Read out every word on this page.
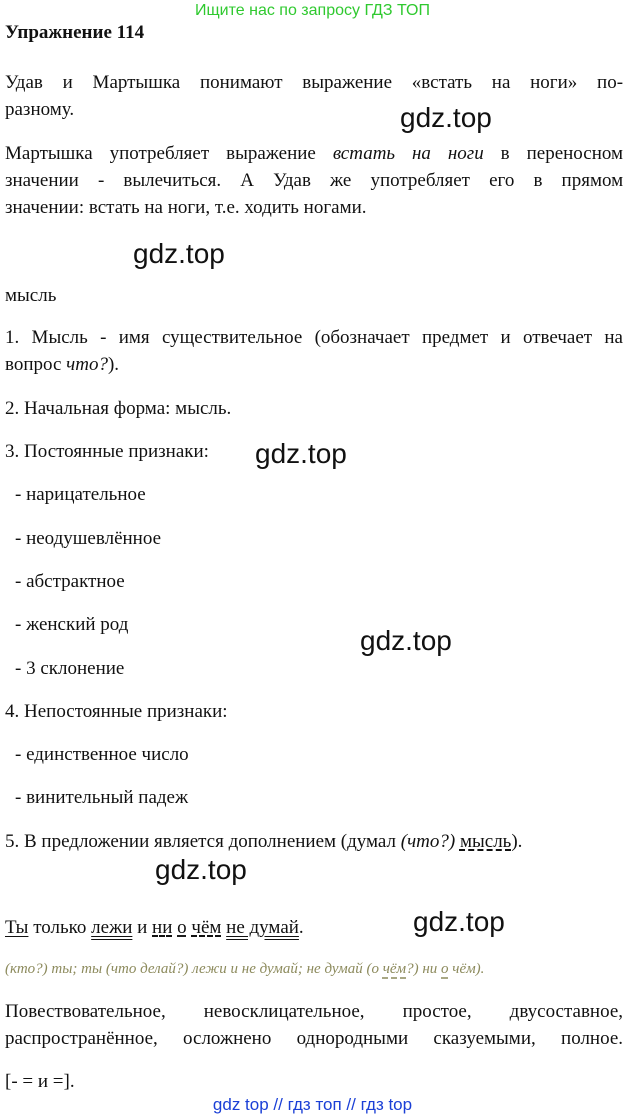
Ищите нас по запросу ГДЗ ТОП
Упражнение 114
Удав и Мартышка понимают выражение «встать на ноги» по-
разному.	gdz.top
Мартышка употребляет выражение встать на ноги в переносном
значении - вылечиться. А Удав же употребляет его в прямом
значении: встать на ноги, т.е. ходить ногами.
gdz.top
мысль
1. Мысль - имя существительное (обозначает предмет и отвечает на
вопрос что?).
2. Начальная форма: мысль.
3. Постоянные признаки: gdz.top
- нарицательное
- неодушевлённое
- абстрактное
- женский род
gdz.top
- 3 склонение
4. Непостоянные признаки:
- единственное число
- винительный падеж
5. В предложении является дополнением (думал (что?) мысль).
gdz.top
Ты только лежи и ни о чём не думай.	gdz.top
(кто?) ты; ты (что делай?) лежи и не думай; не думай (о чём?) ни о чём).
Повествовательное, невосклицательное, простое, двусоставное,
распространённое, осложнено однородными сказуемыми, полное.
[- = и =].
gdz top // гдз топ // гдз top
